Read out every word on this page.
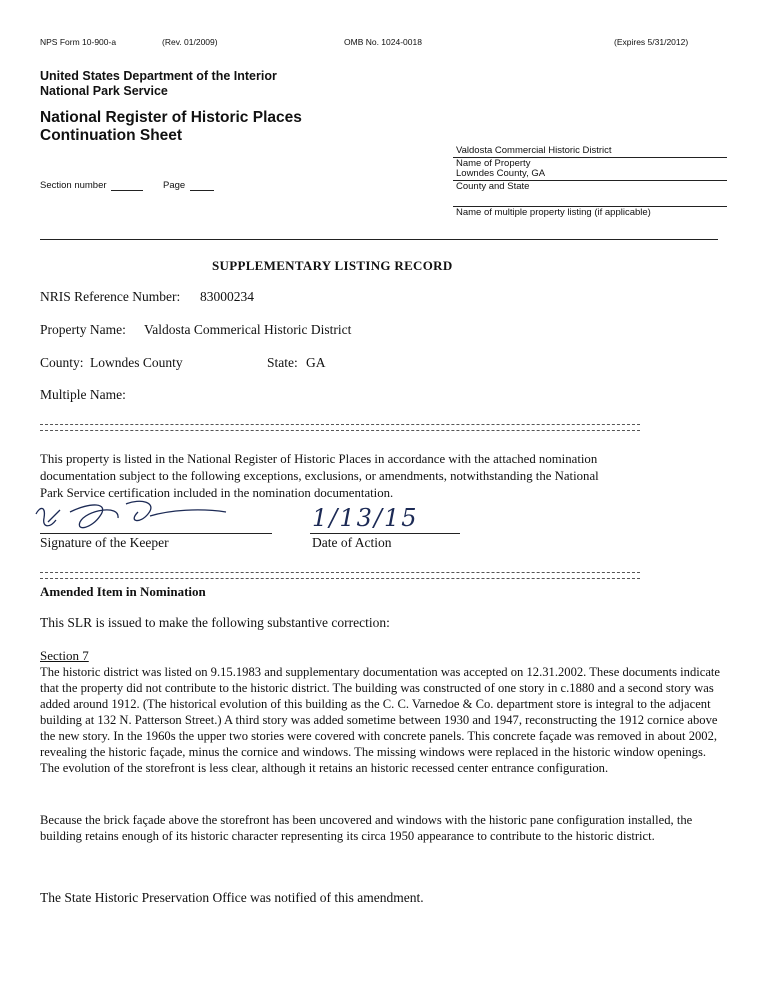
NPS Form 10-900-a	(Rev. 01/2009)	OMB No. 1024-0018	(Expires 5/31/2012)
United States Department of the Interior
National Park Service
National Register of Historic Places
Continuation Sheet
Section number	Page
Valdosta Commercial Historic District
Name of Property
Lowndes County, GA
County and State
Name of multiple property listing (if applicable)
SUPPLEMENTARY LISTING RECORD
NRIS Reference Number: 83000234
Property Name: Valdosta Commerical Historic District
County: Lowndes County	State: GA
Multiple Name:
This property is listed in the National Register of Historic Places in accordance with the attached nomination
documentation subject to the following exceptions, exclusions, or amendments, notwithstanding the National
Park Service certification included in the nomination documentation.
Signature of the Keeper
1/13/15
Date of Action
Amended Item in Nomination
This SLR is issued to make the following substantive correction:
Section 7
The historic district was listed on 9.15.1983 and supplementary documentation was accepted on 12.31.2002. These documents indicate that the property did not contribute to the historic district. The building was constructed of one story in c.1880 and a second story was added around 1912. (The historical evolution of this building as the C. C. Varnedoe & Co. department store is integral to the adjacent building at 132 N. Patterson Street.) A third story was added sometime between 1930 and 1947, reconstructing the 1912 cornice above the new story. In the 1960s the upper two stories were covered with concrete panels. This concrete façade was removed in about 2002, revealing the historic façade, minus the cornice and windows. The missing windows were replaced in the historic window openings. The evolution of the storefront is less clear, although it retains an historic recessed center entrance configuration.
Because the brick façade above the storefront has been uncovered and windows with the historic pane configuration installed, the building retains enough of its historic character representing its circa 1950 appearance to contribute to the historic district.
The State Historic Preservation Office was notified of this amendment.
